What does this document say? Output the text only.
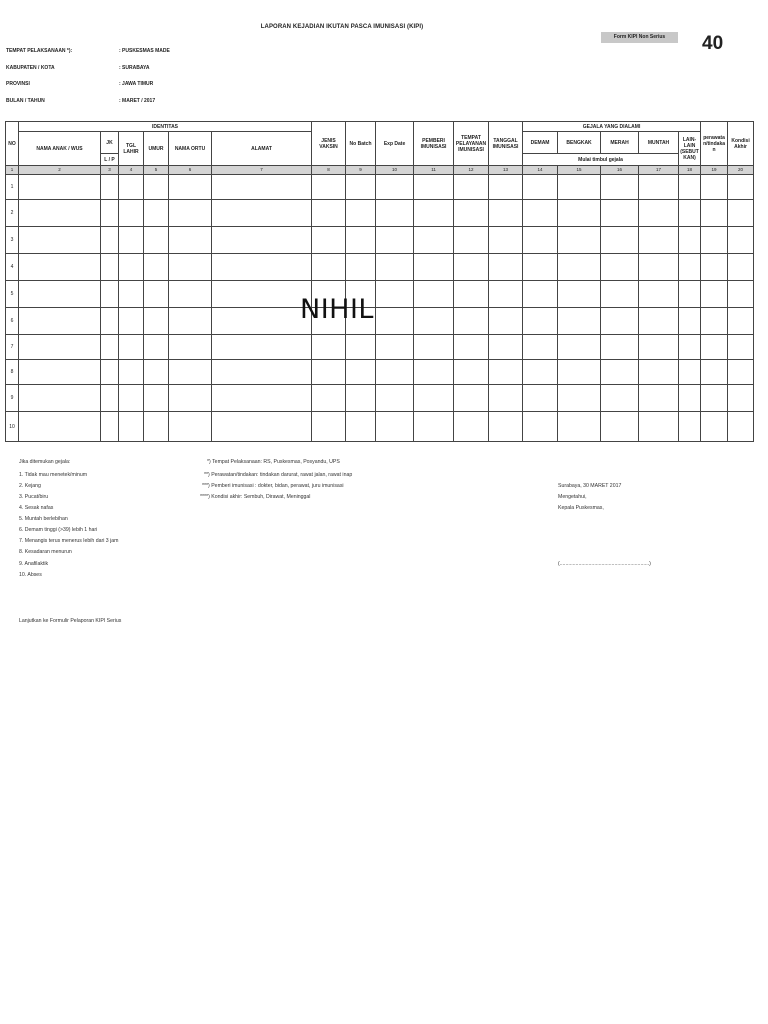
LAPORAN KEJADIAN IKUTAN PASCA IMUNISASI (KIPI)
Form KIPI Non Serius	40
TEMPAT PELAKSANAAN *):	: PUSKESMAS MADE
KABUPATEN / KOTA	: SURABAYA
PROVINSI	: JAWA TIMUR
BULAN / TAHUN	: MARET / 2017
NO	IDENTITAS						JENIS VAKSIN	No Batch	Exp Date	PEMBERI IMUNISASI	TEMPAT PELAYANAN IMUNISASI	TANGGAL IMUNISASI	GEJALA YANG DIALAMI					perawata n/tindaka n	Kondisi Akhir
	NAMA ANAK / WUS	JK	TGL LAHIR	UMUR	NAMA ORTU	ALAMAT							DEMAM	BENGKAK	MERAH	MUNTAH	LAIN-LAIN (SEBUT KAN)		
		L / P											Mulai timbul gejala						
1	2	3	4	5	6	7	8	9	10	11	12	13	14	15	16	17	18	19	20
1																			
2																			
3																			
4																			
5																			
6																			
7																			
8																			
9																			
10																			
NIHIL
Jika ditemukan gejala:
1. Tidak mau menetek/minum
2. Kejang
3. Pucat/biru
4. Sesak nafas
5. Muntah berlebihan
6. Demam tinggi (>39) lebih 1 hari
7. Menangis terus menerus lebih dari 3 jam
8. Kesadaran menurun
9. Anafilaktik
10. Abses
*) Tempat Pelaksanaan: RS, Puskesmas, Posyandu, UPS
**) Perawatan/tindakan: tindakan darurat, rawat jalan, rawat inap
***) Pemberi imunisasi : dokter, bidan, perawat, juru imunisasi
****) Kondisi akhir: Sembuh, Dirawat, Meninggal
Surabaya, 30 MARET 2017
Mengetahui,
Kepala Puskesmas,
(..............................................................)
Lanjutkan ke Formulir Pelaporan KIPI Serius
